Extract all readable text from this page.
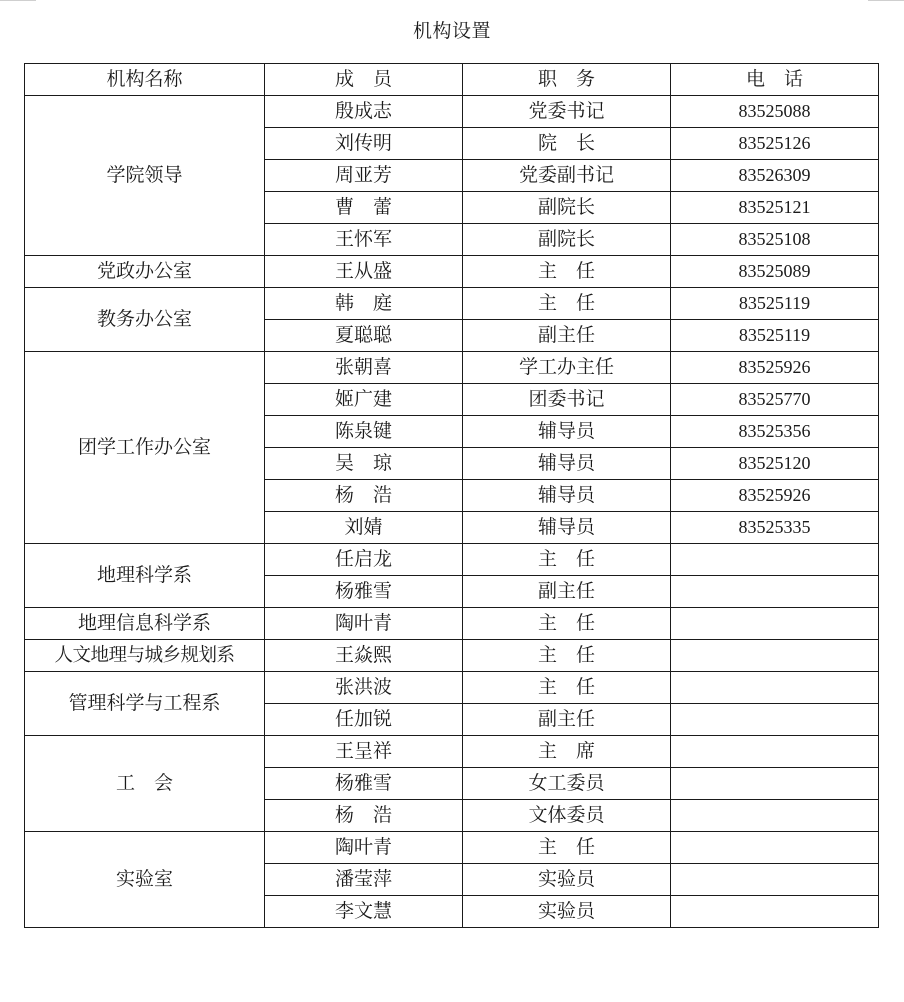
机构设置
机构名称	成　员	职　务	电　话
学院领导	殷成志	党委书记	83525088
	刘传明	院　长	83525126
	周亚芳	党委副书记	83526309
	曹　蕾	副院长	83525121
	王怀军	副院长	83525108
党政办公室	王从盛	主　任	83525089
教务办公室	韩　庭	主　任	83525119
	夏聪聪	副主任	83525119
团学工作办公室	张朝喜	学工办主任	83525926
	姬广建	团委书记	83525770
	陈泉键	辅导员	83525356
	吴　琼	辅导员	83525120
	杨　浩	辅导员	83525926
	刘婧	辅导员	83525335
地理科学系	任启龙	主　任	
	杨雅雪	副主任	
地理信息科学系	陶叶青	主　任	
人文地理与城乡规划系	王焱熙	主　任	
管理科学与工程系	张洪波	主　任	
	任加锐	副主任	
工　会	王呈祥	主　席	
	杨雅雪	女工委员	
	杨　浩	文体委员	
实验室	陶叶青	主　任	
	潘莹萍	实验员	
	李文慧	实验员	
